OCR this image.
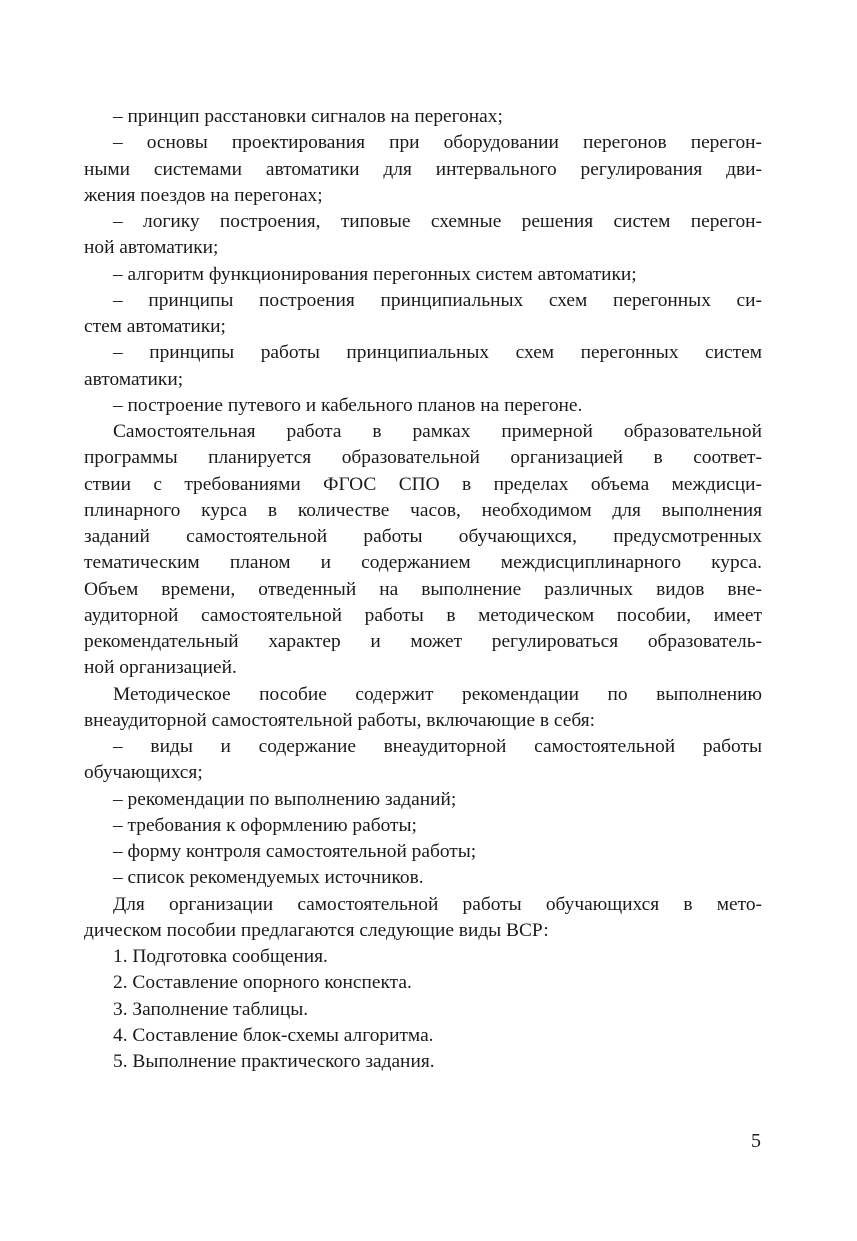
– принцип расстановки сигналов на перегонах;
– основы проектирования при оборудовании перегонов перегон-
ными системами автоматики для интервального регулирования дви-
жения поездов на перегонах;
– логику построения, типовые схемные решения систем перегон-
ной автоматики;
– алгоритм функционирования перегонных систем автоматики;
– принципы построения принципиальных схем перегонных си-
стем автоматики;
– принципы работы принципиальных схем перегонных систем
автоматики;
– построение путевого и кабельного планов на перегоне.
Самостоятельная работа в рамках примерной образовательной
программы планируется образовательной организацией в соответ-
ствии с требованиями ФГОС СПО в пределах объема междисци-
плинарного курса в количестве часов, необходимом для выполнения
заданий самостоятельной работы обучающихся, предусмотренных
тематическим планом и содержанием междисциплинарного курса.
Объем времени, отведенный на выполнение различных видов вне-
аудиторной самостоятельной работы в методическом пособии, имеет
рекомендательный характер и может регулироваться образователь-
ной организацией.
Методическое пособие содержит рекомендации по выполнению
внеаудиторной самостоятельной работы, включающие в себя:
– виды и содержание внеаудиторной самостоятельной работы
обучающихся;
– рекомендации по выполнению заданий;
– требования к оформлению работы;
– форму контроля самостоятельной работы;
– список рекомендуемых источников.
Для организации самостоятельной работы обучающихся в мето-
дическом пособии предлагаются следующие виды ВСР:
1. Подготовка сообщения.
2. Составление опорного конспекта.
3. Заполнение таблицы.
4. Составление блок-схемы алгоритма.
5. Выполнение практического задания.
5
